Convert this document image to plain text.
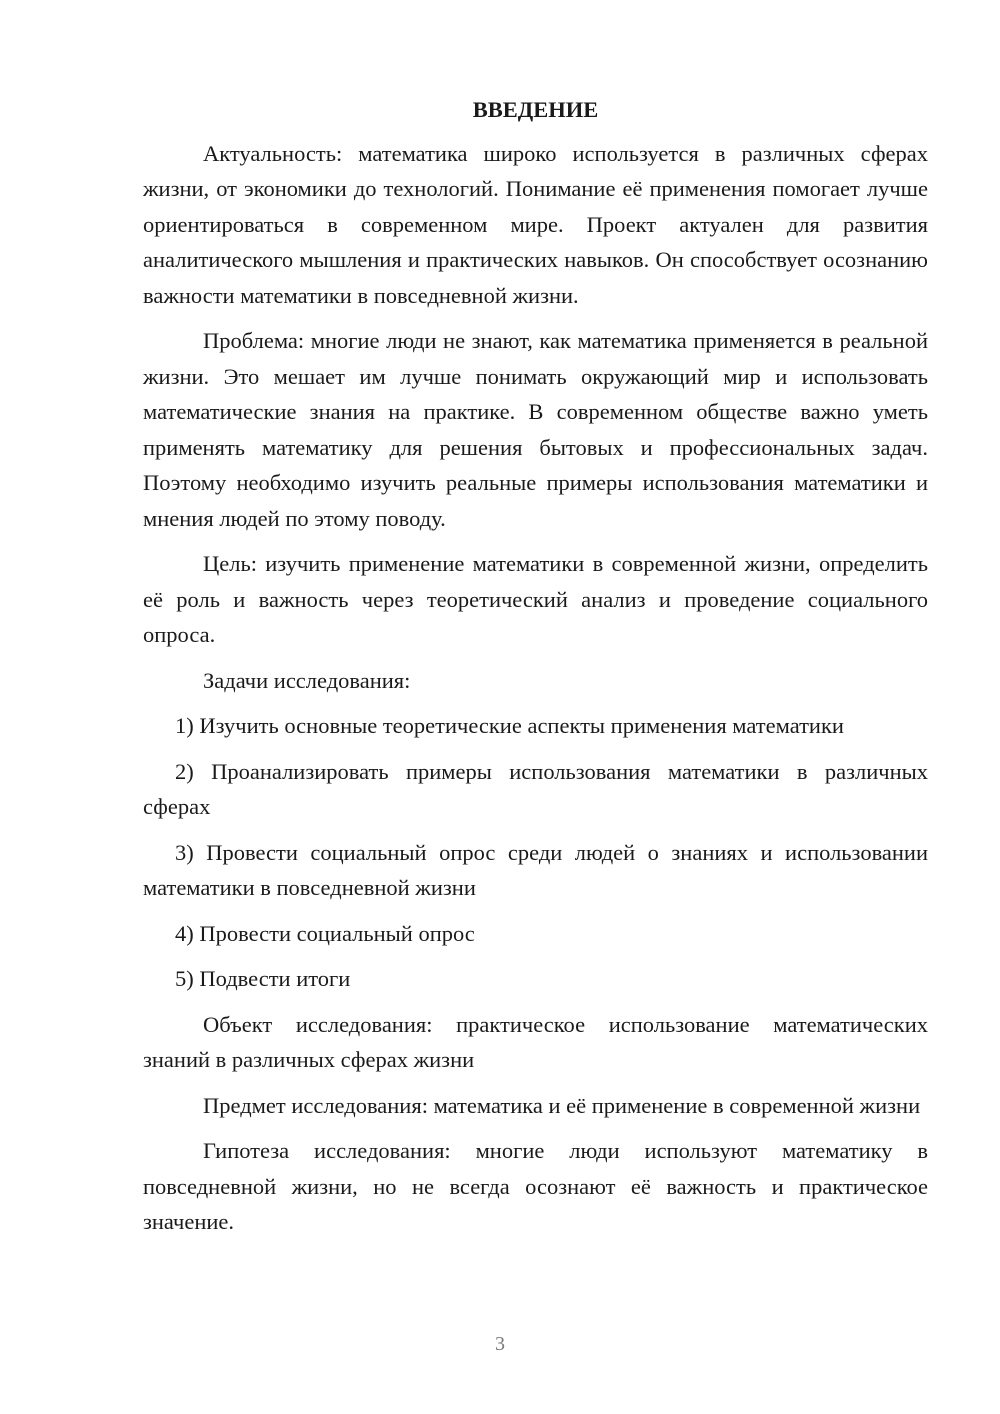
ВВЕДЕНИЕ

Актуальность: математика широко используется в различных сферах жизни, от экономики до технологий. Понимание её применения помогает лучше ориентироваться в современном мире. Проект актуален для развития аналитического мышления и практических навыков. Он способствует осознанию важности математики в повседневной жизни.

Проблема: многие люди не знают, как математика применяется в реальной жизни. Это мешает им лучше понимать окружающий мир и использовать математические знания на практике. В современном обществе важно уметь применять математику для решения бытовых и профессиональных задач. Поэтому необходимо изучить реальные примеры использования математики и мнения людей по этому поводу.

Цель: изучить применение математики в современной жизни, определить её роль и важность через теоретический анализ и проведение социального опроса.

Задачи исследования:

1) Изучить основные теоретические аспекты применения математики

2) Проанализировать примеры использования математики в различных сферах

3) Провести социальный опрос среди людей о знаниях и использовании математики в повседневной жизни

4) Провести социальный опрос

5) Подвести итоги

Объект исследования: практическое использование математических знаний в различных сферах жизни

Предмет исследования: математика и её применение в современной жизни

Гипотеза исследования: многие люди используют математику в повседневной жизни, но не всегда осознают её важность и практическое значение.

3
